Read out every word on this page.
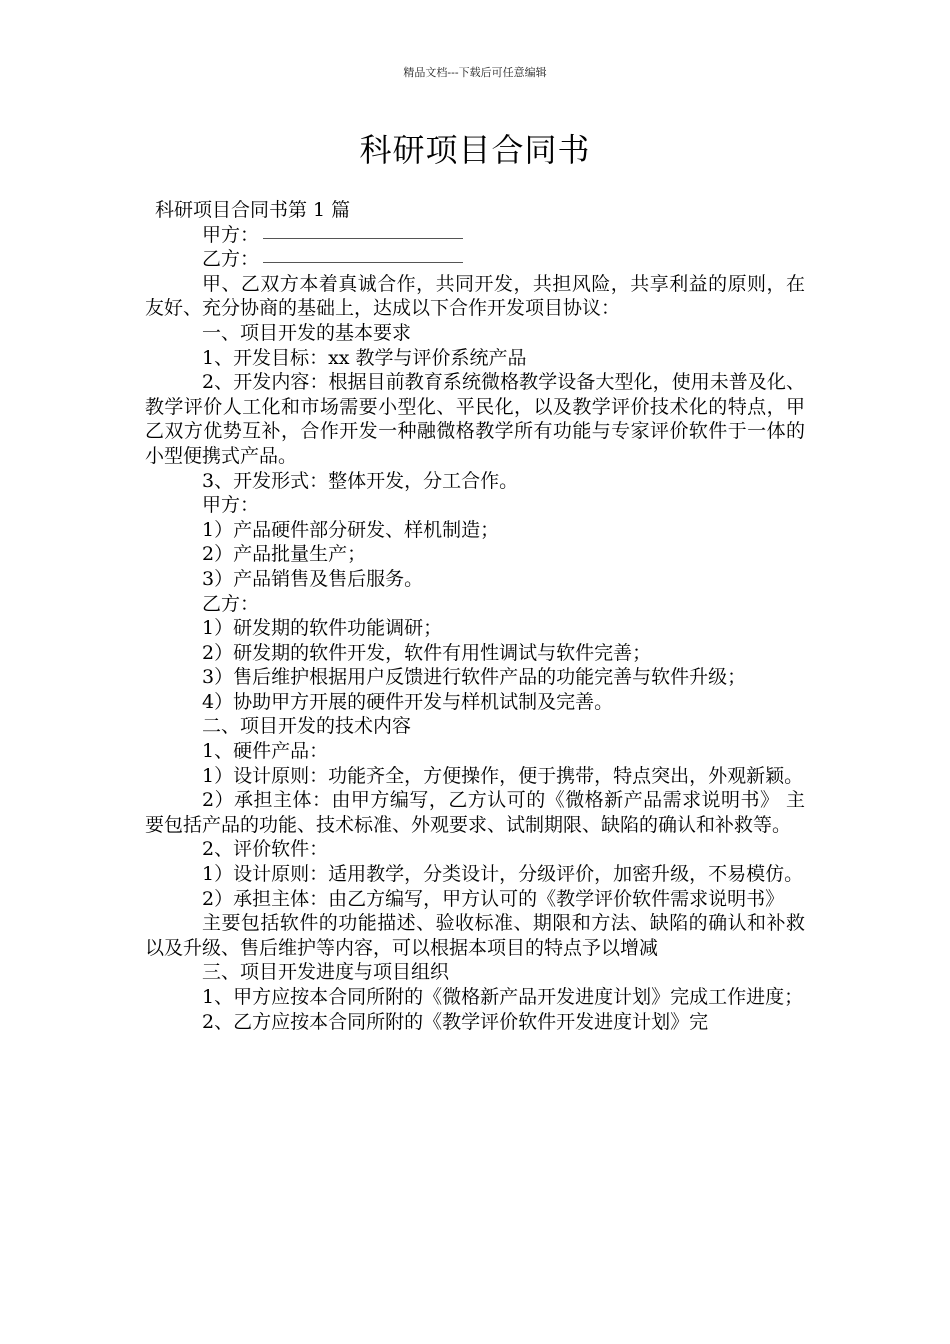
精品文档---下载后可任意编辑
科研项目合同书

科研项目合同书第 1 篇

甲方：

乙方：

甲、乙双方本着真诚合作，共同开发，共担风险，共享利益的原则，在友好、充分协商的基础上，达成以下合作开发项目协议：

一、项目开发的基本要求

1、开发目标：xx 教学与评价系统产品

2、开发内容：根据目前教育系统微格教学设备大型化，使用未普及化、教学评价人工化和市场需要小型化、平民化，以及教学评价技术化的特点，甲乙双方优势互补，合作开发一种融微格教学所有功能与专家评价软件于一体的小型便携式产品。

3、开发形式：整体开发，分工合作。

甲方：

1）产品硬件部分研发、样机制造；

2）产品批量生产；

3）产品销售及售后服务。

乙方：

1）研发期的软件功能调研；

2）研发期的软件开发，软件有用性调试与软件完善；

3）售后维护根据用户反馈进行软件产品的功能完善与软件升级；

4）协助甲方开展的硬件开发与样机试制及完善。

二、项目开发的技术内容

1、硬件产品：

1）设计原则：功能齐全，方便操作，便于携带，特点突出，外观新颖。

2）承担主体：由甲方编写，乙方认可的《微格新产品需求说明书》 主要包括产品的功能、技术标准、外观要求、试制期限、缺陷的确认和补救等。

2、评价软件：

1）设计原则：适用教学，分类设计，分级评价，加密升级，不易模仿。

2）承担主体：由乙方编写，甲方认可的《教学评价软件需求说明书》

主要包括软件的功能描述、验收标准、期限和方法、缺陷的确认和补救以及升级、售后维护等内容，可以根据本项目的特点予以增减

三、项目开发进度与项目组织

1、甲方应按本合同所附的《微格新产品开发进度计划》完成工作进度；

2、乙方应按本合同所附的《教学评价软件开发进度计划》完
